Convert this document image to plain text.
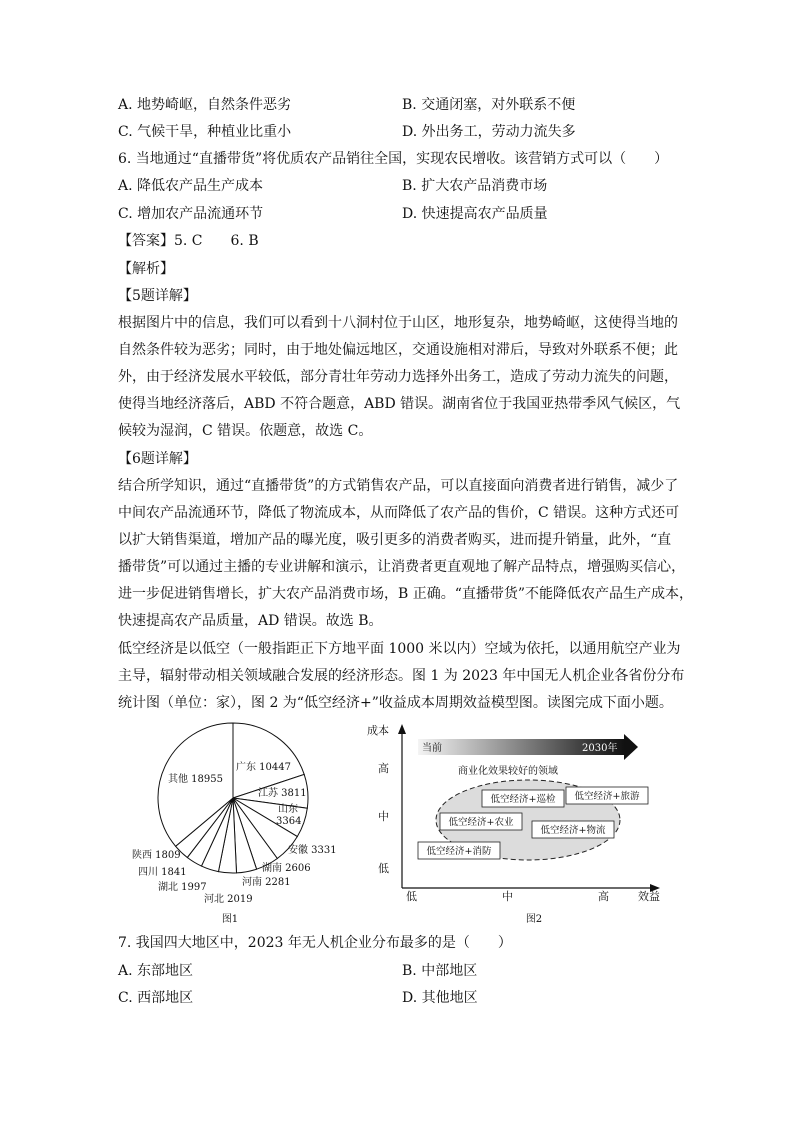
A. 地势崎岖，自然条件恶劣	B. 交通闭塞，对外联系不便
C. 气候干旱，种植业比重小	D. 外出务工，劳动力流失多
6. 当地通过“直播带货”将优质农产品销往全国，实现农民增收。该营销方式可以（　　）
A. 降低农产品生产成本	B. 扩大农产品消费市场
C. 增加农产品流通环节	D. 快速提高农产品质量
【答案】5. C　　6. B
【解析】
【5题详解】
根据图片中的信息，我们可以看到十八洞村位于山区，地形复杂，地势崎岖，这使得当地的
自然条件较为恶劣；同时，由于地处偏远地区，交通设施相对滞后，导致对外联系不便；此
外，由于经济发展水平较低，部分青壮年劳动力选择外出务工，造成了劳动力流失的问题，
使得当地经济落后，ABD 不符合题意，ABD 错误。湖南省位于我国亚热带季风气候区，气
候较为湿润，C 错误。依题意，故选 C。
【6题详解】
结合所学知识，通过“直播带货”的方式销售农产品，可以直接面向消费者进行销售，减少了
中间农产品流通环节，降低了物流成本，从而降低了农产品的售价，C 错误。这种方式还可
以扩大销售渠道，增加产品的曝光度，吸引更多的消费者购买，进而提升销量，此外，“直
播带货”可以通过主播的专业讲解和演示，让消费者更直观地了解产品特点，增强购买信心，
进一步促进销售增长，扩大农产品消费市场，B 正确。“直播带货”不能降低农产品生产成本，
快速提高农产品质量，AD 错误。故选 B。
低空经济是以低空（一般指距正下方地平面 1000 米以内）空域为依托，以通用航空产业为
主导，辐射带动相关领域融合发展的经济形态。图 1 为 2023 年中国无人机企业各省份分布
统计图（单位：家），图 2 为“低空经济+”收益成本周期效益模型图。读图完成下面小题。
广东 10447
江苏 3811
山东 3364
安徽 3331
湖南 2606
河南 2281
河北 2019
湖北 1997
四川 1841
陕西 1809
其他 18955
图1
成本
效益
高
中
低
低	中	高
当前	2030年
商业化效果较好的领域
低空经济+巡检 低空经济+旅游
低空经济+农业
低空经济+物流
低空经济+消防
图2
7. 我国四大地区中，2023 年无人机企业分布最多的是（　　）
A. 东部地区	B. 中部地区
C. 西部地区	D. 其他地区
